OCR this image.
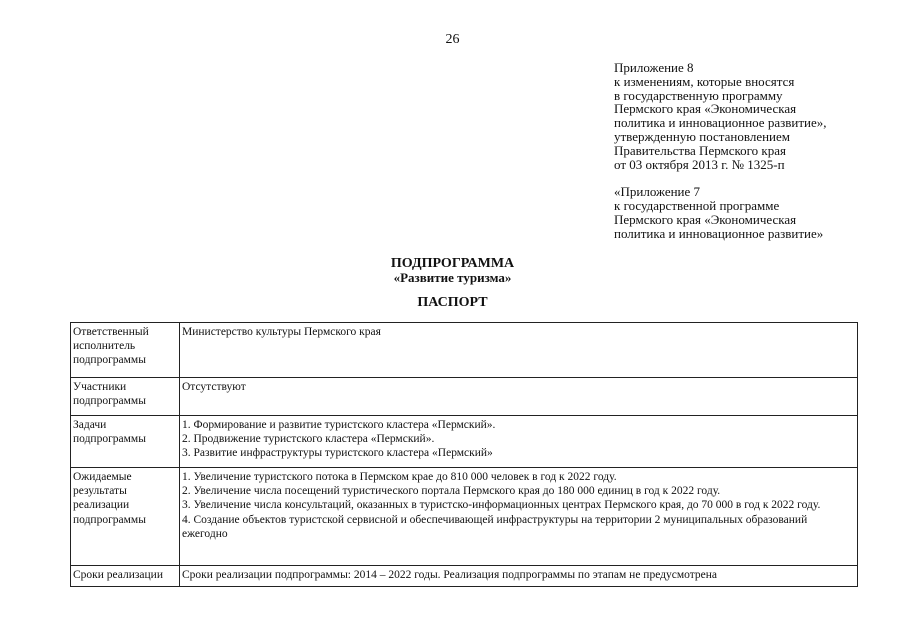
26
Приложение 8
к изменениям, которые вносятся
в государственную программу
Пермского края «Экономическая
политика и инновационное развитие»,
утвержденную постановлением
Правительства Пермского края
от 03 октября 2013 г. № 1325-п
«Приложение 7
к государственной программе
Пермского края «Экономическая
политика и инновационное развитие»
ПОДПРОГРАММА
«Развитие туризма»
ПАСПОРТ
Ответственный исполнитель подпрограммы	Министерство культуры Пермского края

Участники подпрограммы	Отсутствуют

Задачи подпрограммы	1. Формирование и развитие туристского кластера «Пермский».
2. Продвижение туристского кластера «Пермский».
3. Развитие инфраструктуры туристского кластера «Пермский»

Ожидаемые результаты реализации подпрограммы	1. Увеличение туристского потока в Пермском крае до 810 000 человек в год к 2022 году.
2. Увеличение числа посещений туристического портала Пермского края до 180 000 единиц в год к 2022 году.
3. Увеличение числа консультаций, оказанных в туристско-информационных центрах Пермского края, до 70 000 в год к 2022 году.
4. Создание объектов туристской сервисной и обеспечивающей инфраструктуры на территории 2 муниципальных образований ежегодно

Сроки реализации	Сроки реализации подпрограммы: 2014 – 2022 годы. Реализация подпрограммы по этапам не предусмотрена
